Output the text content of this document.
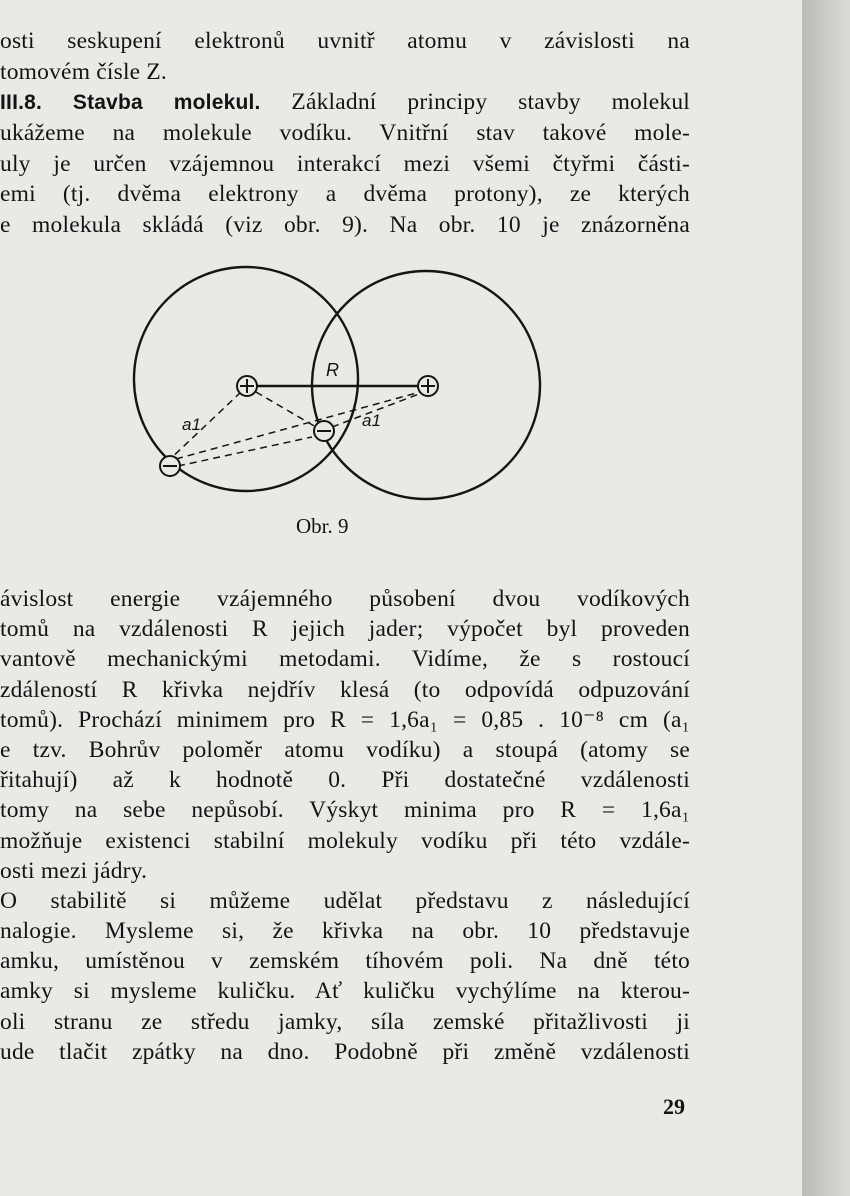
osti seskupení elektronů uvnitř atomu v závislosti na
tomovém čísle Z.
III.8. Stavba molekul. Základní principy stavby molekul
ukážeme na molekule vodíku. Vnitřní stav takové mole-
uly je určen vzájemnou interakcí mezi všemi čtyřmi části-
emi (tj. dvěma elektrony a dvěma protony), ze kterých
e molekula skládá (viz obr. 9). Na obr. 10 je znázorněna
R
a1	a1
Obr. 9
ávislost energie vzájemného působení dvou vodíkových
tomů na vzdálenosti R jejich jader; výpočet byl proveden
vantově mechanickými metodami. Vidíme, že s rostoucí
zdáleností R křivka nejdřív klesá (to odpovídá odpuzování
tomů). Prochází minimem pro R = 1,6a₁ = 0,85 . 10⁻⁸ cm (a₁
e tzv. Bohrův poloměr atomu vodíku) a stoupá (atomy se
řitahují) až k hodnotě 0. Při dostatečné vzdálenosti
tomy na sebe nepůsobí. Výskyt minima pro R = 1,6a₁
možňuje existenci stabilní molekuly vodíku při této vzdále-
osti mezi jádry.
O stabilitě si můžeme udělat představu z následující
nalogie. Mysleme si, že křivka na obr. 10 představuje
amku, umístěnou v zemském tíhovém poli. Na dně této
amky si mysleme kuličku. Ať kuličku vychýlíme na kterou-
oli stranu ze středu jamky, síla zemské přitažlivosti ji
ude tlačit zpátky na dno. Podobně při změně vzdálenosti
29
